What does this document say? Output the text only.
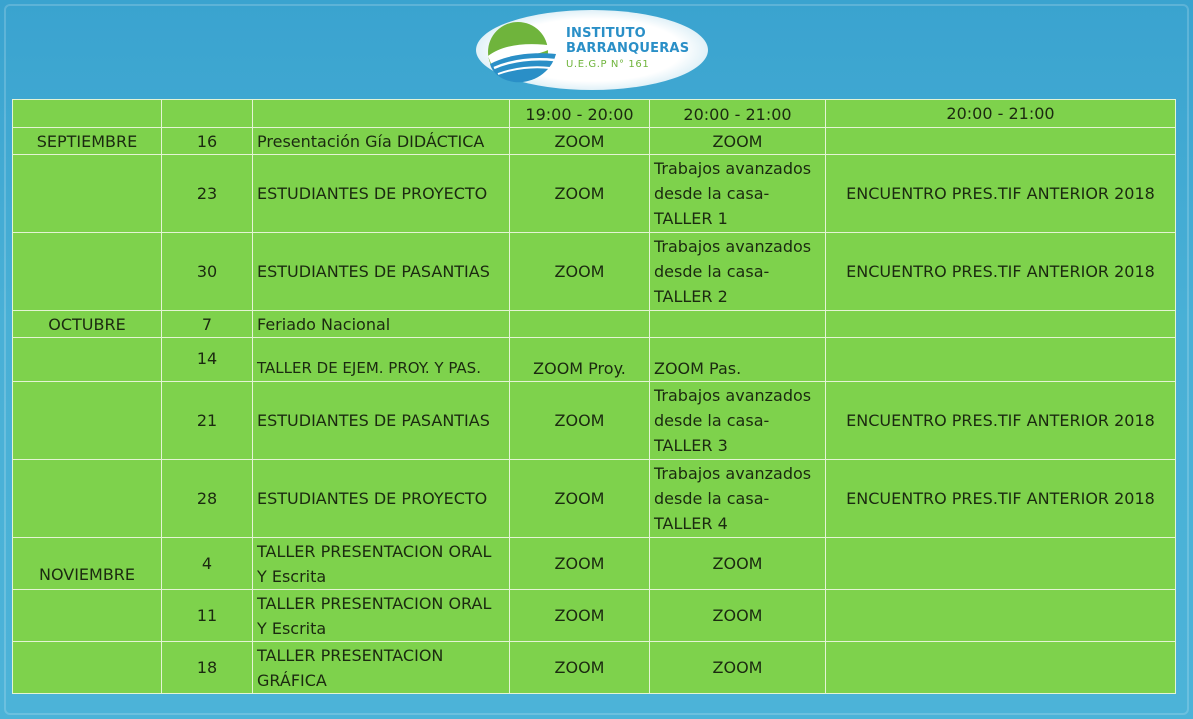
INSTITUTO
BARRANQUERAS
U.E.G.P N° 161
			19:00 - 20:00	20:00 - 21:00	20:00 - 21:00
SEPTIEMBRE	16	Presentación Gía DIDÁCTICA	ZOOM	ZOOM	
	23	ESTUDIANTES DE PROYECTO	ZOOM	Trabajos avanzados
desde la casa-
TALLER 1	ENCUENTRO PRES.TIF ANTERIOR 2018
	30	ESTUDIANTES DE PASANTIAS	ZOOM	Trabajos avanzados
desde la casa-
TALLER 2	ENCUENTRO PRES.TIF ANTERIOR 2018
OCTUBRE	7	Feriado Nacional			
	14	TALLER DE EJEM. PROY. Y PAS.	ZOOM Proy.	ZOOM Pas.	
	21	ESTUDIANTES DE PASANTIAS	ZOOM	Trabajos avanzados
desde la casa-
TALLER 3	ENCUENTRO PRES.TIF ANTERIOR 2018
	28	ESTUDIANTES DE PROYECTO	ZOOM	Trabajos avanzados
desde la casa-
TALLER 4	ENCUENTRO PRES.TIF ANTERIOR 2018
NOVIEMBRE	4	TALLER PRESENTACION ORAL
Y Escrita	ZOOM	ZOOM	
	11	TALLER PRESENTACION ORAL
Y Escrita	ZOOM	ZOOM	
	18	TALLER PRESENTACION
GRÁFICA	ZOOM	ZOOM	
